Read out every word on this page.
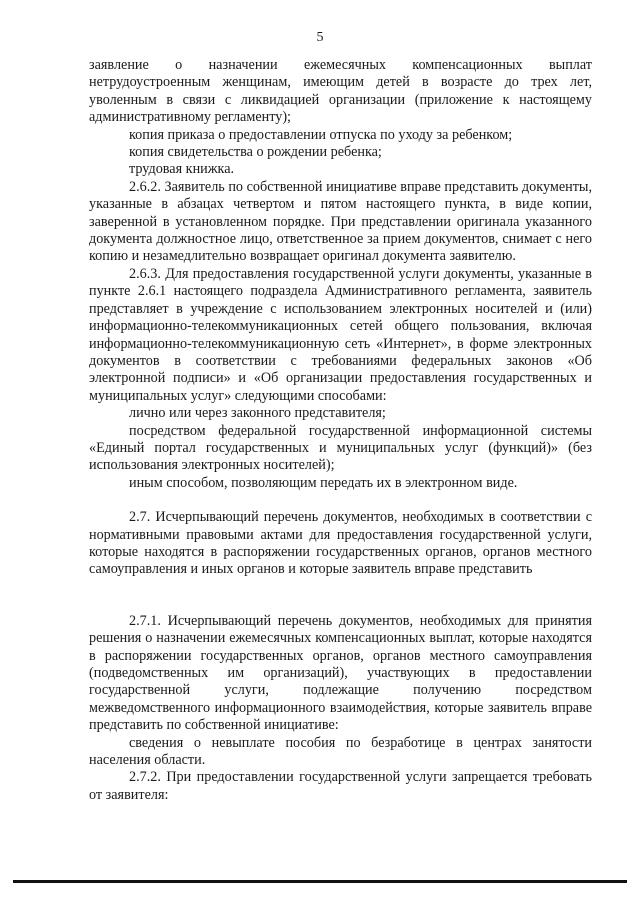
5

заявление о назначении ежемесячных компенсационных выплат нетрудоустроенным женщинам, имеющим детей в возрасте до трех лет, уволенным в связи с ликвидацией организации (приложение к настоящему административному регламенту);

копия приказа о предоставлении отпуска по уходу за ребенком;

копия свидетельства о рождении ребенка;

трудовая книжка.

2.6.2. Заявитель по собственной инициативе вправе представить документы, указанные в абзацах четвертом и пятом настоящего пункта, в виде копии, заверенной в установленном порядке. При представлении оригинала указанного документа должностное лицо, ответственное за прием документов, снимает с него копию и незамедлительно возвращает оригинал документа заявителю.

2.6.3. Для предоставления государственной услуги документы, указанные в пункте 2.6.1 настоящего подраздела Административного регламента, заявитель представляет в учреждение с использованием электронных носителей и (или) информационно-телекоммуникационных сетей общего пользования, включая информационно-телекоммуникационную сеть «Интернет», в форме электронных документов в соответствии с требованиями федеральных законов «Об электронной подписи» и «Об организации предоставления государственных и муниципальных услуг» следующими способами:

лично или через законного представителя;

посредством федеральной государственной информационной системы «Единый портал государственных и муниципальных услуг (функций)» (без использования электронных носителей);

иным способом, позволяющим передать их в электронном виде.

2.7. Исчерпывающий перечень документов, необходимых в соответствии с нормативными правовыми актами для предоставления государственной услуги, которые находятся в распоряжении государственных органов, органов местного самоуправления и иных органов и которые заявитель вправе представить

2.7.1. Исчерпывающий перечень документов, необходимых для принятия решения о назначении ежемесячных компенсационных выплат, которые находятся в распоряжении государственных органов, органов местного самоуправления (подведомственных им организаций), участвующих в предоставлении государственной услуги, подлежащие получению посредством межведомственного информационного взаимодействия, которые заявитель вправе представить по собственной инициативе:

сведения о невыплате пособия по безработице в центрах занятости населения области.

2.7.2. При предоставлении государственной услуги запрещается требовать от заявителя:
